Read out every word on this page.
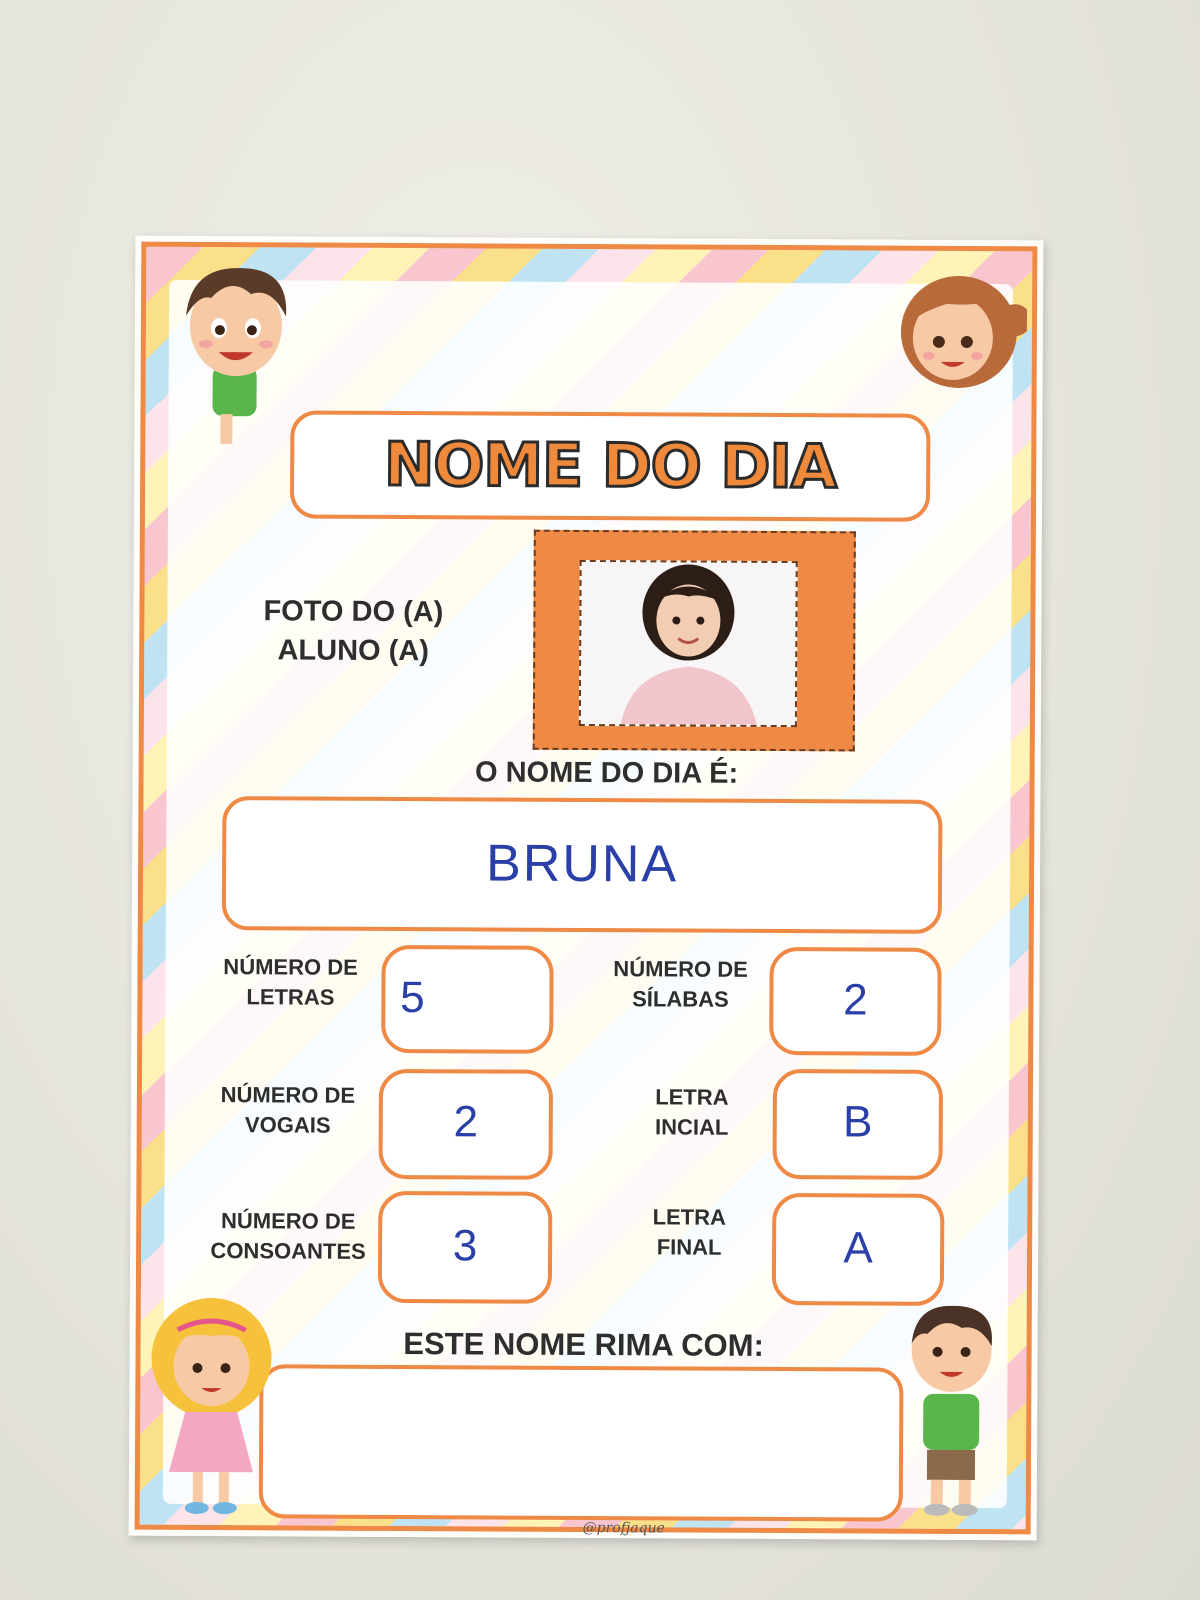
NOME DO DIA
FOTO DO (A)
ALUNO (A)
O NOME DO DIA É:
BRUNA
NÚMERO DE
LETRAS	5
NÚMERO DE
SÍLABAS	2
NÚMERO DE
VOGAIS	2
LETRA
INCIAL	B
NÚMERO DE
CONSOANTES	3
LETRA
FINAL	A
ESTE NOME RIMA COM:
@profjaque
